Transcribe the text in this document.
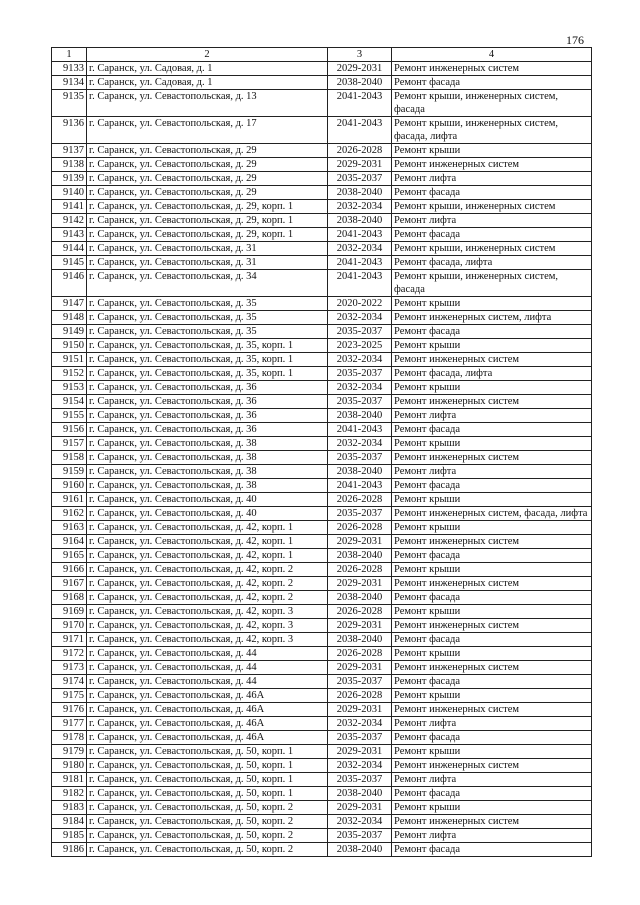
176
1	2	3	4
9133	г. Саранск, ул. Садовая, д. 1	2029-2031	Ремонт инженерных систем
9134	г. Саранск, ул. Садовая, д. 1	2038-2040	Ремонт фасада
9135	г. Саранск, ул. Севастопольская, д. 13	2041-2043	Ремонт крыши, инженерных систем, фасада
9136	г. Саранск, ул. Севастопольская, д. 17	2041-2043	Ремонт крыши, инженерных систем, фасада, лифта
9137	г. Саранск, ул. Севастопольская, д. 29	2026-2028	Ремонт крыши
9138	г. Саранск, ул. Севастопольская, д. 29	2029-2031	Ремонт инженерных систем
9139	г. Саранск, ул. Севастопольская, д. 29	2035-2037	Ремонт лифта
9140	г. Саранск, ул. Севастопольская, д. 29	2038-2040	Ремонт фасада
9141	г. Саранск, ул. Севастопольская, д. 29, корп. 1	2032-2034	Ремонт крыши, инженерных систем
9142	г. Саранск, ул. Севастопольская, д. 29, корп. 1	2038-2040	Ремонт лифта
9143	г. Саранск, ул. Севастопольская, д. 29, корп. 1	2041-2043	Ремонт фасада
9144	г. Саранск, ул. Севастопольская, д. 31	2032-2034	Ремонт крыши, инженерных систем
9145	г. Саранск, ул. Севастопольская, д. 31	2041-2043	Ремонт фасада, лифта
9146	г. Саранск, ул. Севастопольская, д. 34	2041-2043	Ремонт крыши, инженерных систем, фасада
9147	г. Саранск, ул. Севастопольская, д. 35	2020-2022	Ремонт крыши
9148	г. Саранск, ул. Севастопольская, д. 35	2032-2034	Ремонт инженерных систем, лифта
9149	г. Саранск, ул. Севастопольская, д. 35	2035-2037	Ремонт фасада
9150	г. Саранск, ул. Севастопольская, д. 35, корп. 1	2023-2025	Ремонт крыши
9151	г. Саранск, ул. Севастопольская, д. 35, корп. 1	2032-2034	Ремонт инженерных систем
9152	г. Саранск, ул. Севастопольская, д. 35, корп. 1	2035-2037	Ремонт фасада, лифта
9153	г. Саранск, ул. Севастопольская, д. 36	2032-2034	Ремонт крыши
9154	г. Саранск, ул. Севастопольская, д. 36	2035-2037	Ремонт инженерных систем
9155	г. Саранск, ул. Севастопольская, д. 36	2038-2040	Ремонт лифта
9156	г. Саранск, ул. Севастопольская, д. 36	2041-2043	Ремонт фасада
9157	г. Саранск, ул. Севастопольская, д. 38	2032-2034	Ремонт крыши
9158	г. Саранск, ул. Севастопольская, д. 38	2035-2037	Ремонт инженерных систем
9159	г. Саранск, ул. Севастопольская, д. 38	2038-2040	Ремонт лифта
9160	г. Саранск, ул. Севастопольская, д. 38	2041-2043	Ремонт фасада
9161	г. Саранск, ул. Севастопольская, д. 40	2026-2028	Ремонт крыши
9162	г. Саранск, ул. Севастопольская, д. 40	2035-2037	Ремонт инженерных систем, фасада, лифта
9163	г. Саранск, ул. Севастопольская, д. 42, корп. 1	2026-2028	Ремонт крыши
9164	г. Саранск, ул. Севастопольская, д. 42, корп. 1	2029-2031	Ремонт инженерных систем
9165	г. Саранск, ул. Севастопольская, д. 42, корп. 1	2038-2040	Ремонт фасада
9166	г. Саранск, ул. Севастопольская, д. 42, корп. 2	2026-2028	Ремонт крыши
9167	г. Саранск, ул. Севастопольская, д. 42, корп. 2	2029-2031	Ремонт инженерных систем
9168	г. Саранск, ул. Севастопольская, д. 42, корп. 2	2038-2040	Ремонт фасада
9169	г. Саранск, ул. Севастопольская, д. 42, корп. 3	2026-2028	Ремонт крыши
9170	г. Саранск, ул. Севастопольская, д. 42, корп. 3	2029-2031	Ремонт инженерных систем
9171	г. Саранск, ул. Севастопольская, д. 42, корп. 3	2038-2040	Ремонт фасада
9172	г. Саранск, ул. Севастопольская, д. 44	2026-2028	Ремонт крыши
9173	г. Саранск, ул. Севастопольская, д. 44	2029-2031	Ремонт инженерных систем
9174	г. Саранск, ул. Севастопольская, д. 44	2035-2037	Ремонт фасада
9175	г. Саранск, ул. Севастопольская, д. 46А	2026-2028	Ремонт крыши
9176	г. Саранск, ул. Севастопольская, д. 46А	2029-2031	Ремонт инженерных систем
9177	г. Саранск, ул. Севастопольская, д. 46А	2032-2034	Ремонт лифта
9178	г. Саранск, ул. Севастопольская, д. 46А	2035-2037	Ремонт фасада
9179	г. Саранск, ул. Севастопольская, д. 50, корп. 1	2029-2031	Ремонт крыши
9180	г. Саранск, ул. Севастопольская, д. 50, корп. 1	2032-2034	Ремонт инженерных систем
9181	г. Саранск, ул. Севастопольская, д. 50, корп. 1	2035-2037	Ремонт лифта
9182	г. Саранск, ул. Севастопольская, д. 50, корп. 1	2038-2040	Ремонт фасада
9183	г. Саранск, ул. Севастопольская, д. 50, корп. 2	2029-2031	Ремонт крыши
9184	г. Саранск, ул. Севастопольская, д. 50, корп. 2	2032-2034	Ремонт инженерных систем
9185	г. Саранск, ул. Севастопольская, д. 50, корп. 2	2035-2037	Ремонт лифта
9186	г. Саранск, ул. Севастопольская, д. 50, корп. 2	2038-2040	Ремонт фасада
